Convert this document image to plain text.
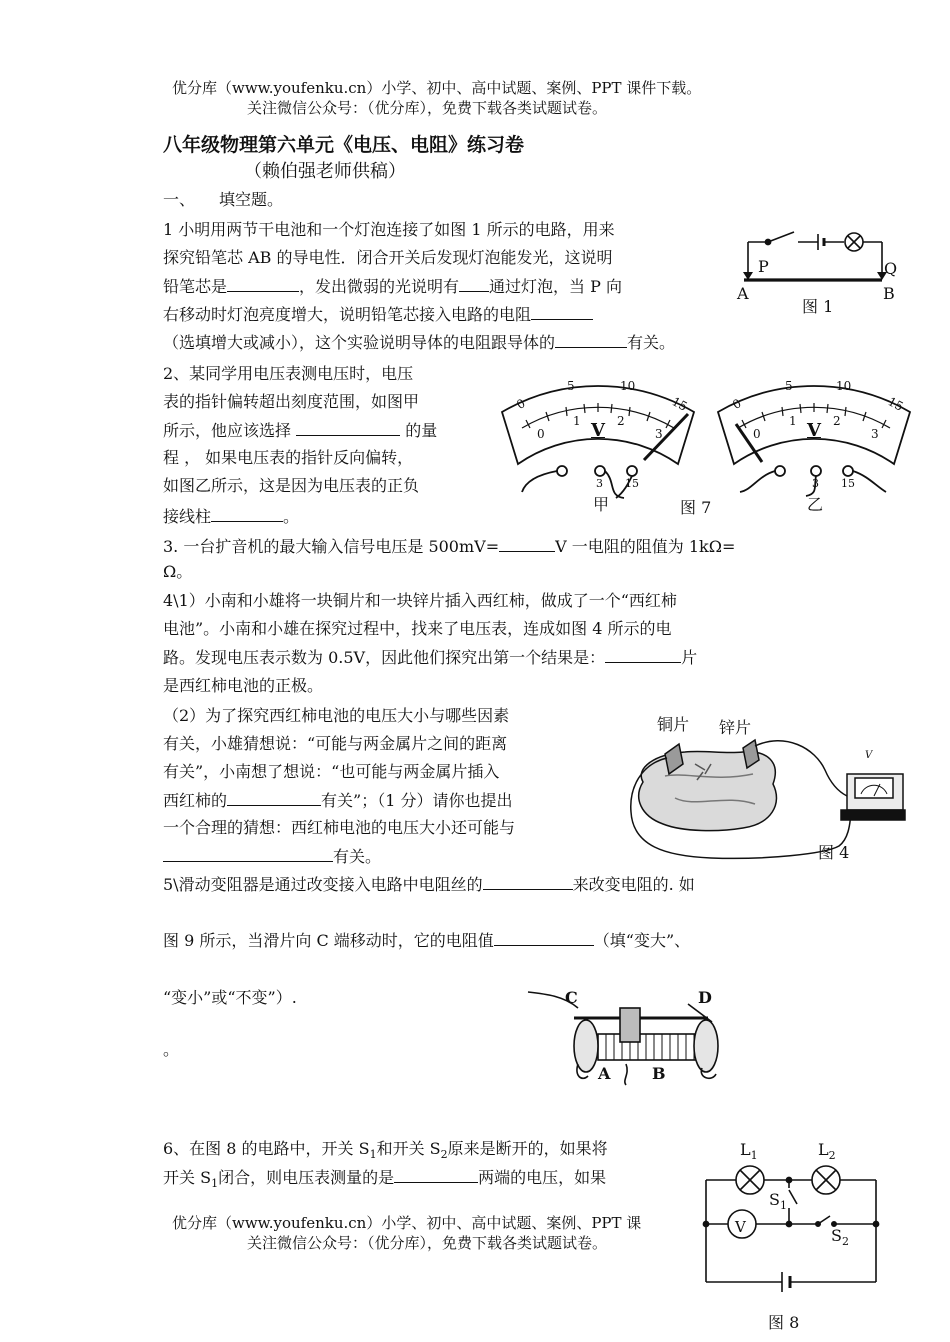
优分库（www.youfenku.cn）小学、初中、高中试题、案例、PPT 课件下载。
关注微信公众号：（优分库），免费下载各类试题试卷。
八年级物理第六单元《电压、电阻》练习卷
（赖伯强老师供稿）
一、　　填空题。
1 小明用两节干电池和一个灯泡连接了如图 1 所示的电路，用来
探究铅笔芯 AB 的导电性．闭合开关后发现灯泡能发光，这说明
铅笔芯是	，发出微弱的光说明有 通过灯泡，当 P 向
右移动时灯泡亮度增大，说明铅笔芯接入电路的电阻
（选填增大或减小），这个实验说明导体的电阻跟导体的	有关。
P	Q
A	B
图 1
2、某同学用电压表测电压时，电压
表的指针偏转超出刻度范围，如图甲
所示，他应该选择	的量
程 ， 如果电压表的指针反向偏转，
如图乙所示，这是因为电压表的正负
接线柱	。
0
5	10
15
0
1	2
3
V
3 15
甲	图 7
0
5	10
15
0
1	2
3
V
3 15
乙
3. 一台扩音机的最大输入信号电压是 500mV=	V 一电阻的阻值为 1kΩ=
Ω。
4\1）小南和小雄将一块铜片和一块锌片插入西红柿，做成了一个“西红柿
电池”。小南和小雄在探究过程中，找来了电压表，连成如图 4 所示的电
路。发现电压表示数为 0.5V，因此他们探究出第一个结果是：	片
是西红柿电池的正极。
（2）为了探究西红柿电池的电压大小与哪些因素
有关，小雄猜想说：“可能与两金属片之间的距离
有关”，小南想了想说：“也可能与两金属片插入
西红柿的	有关”；（1 分）请你也提出
一个合理的猜想：西红柿电池的电压大小还可能与
有关。
V
铜片 锌片
图 4
5\滑动变阻器是通过改变接入电路中电阻丝的	来改变电阻的. 如
图 9 所示，当滑片向 C 端移动时，它的电阻值	（填“变大”、
“变小”或“不变”）.
。
C	D
A	B
6、在图 8 的电路中，开关 $S_1$和开关 $S_2$原来是断开的，如果将
开关 $S_1$闭合，则电压表测量的是	两端的电压，如果
V
$L_1$	$L_2$
$S_1$
$S_2$
图 8
优分库（www.youfenku.cn）小学、初中、高中试题、案例、PPT 课
关注微信公众号：（优分库），免费下载各类试题试卷。
